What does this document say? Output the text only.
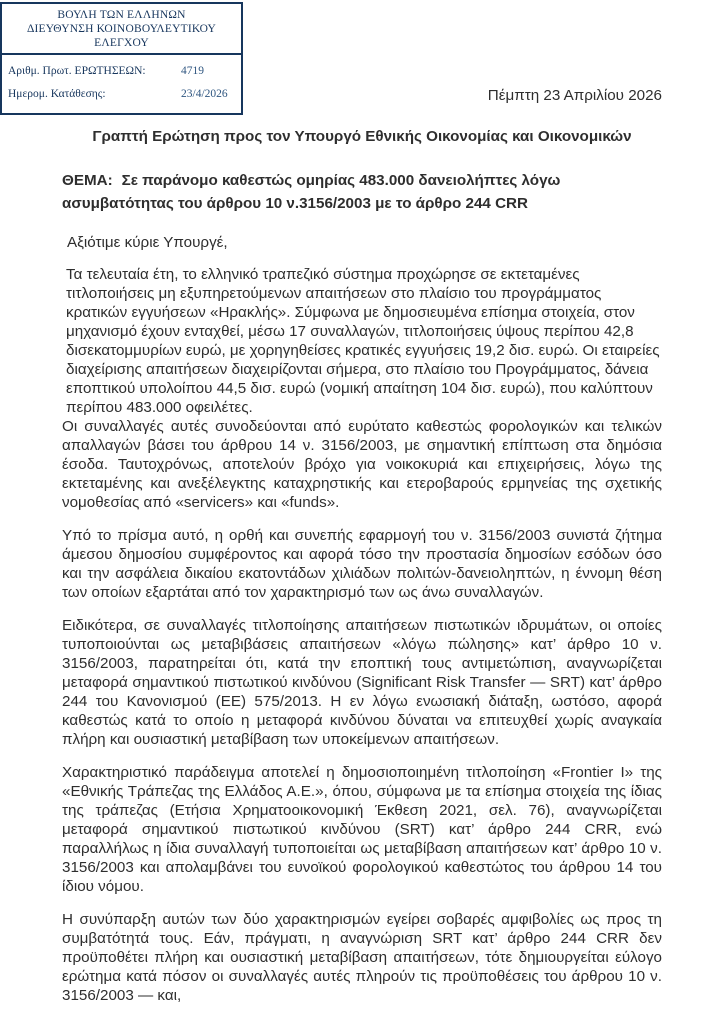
ΒΟΥΛΗ ΤΩΝ ΕΛΛΗΝΩΝ
ΔΙΕΥΘΥΝΣΗ ΚΟΙΝΟΒΟΥΛΕΥΤΙΚΟΥ ΕΛΕΓΧΟΥ
Αριθμ. Πρωτ. ΕΡΩΤΗΣΕΩΝ:	4719
Ημερομ. Κατάθεσης:	23/4/2026	Πέμπτη 23 Απριλίου 2026
Γραπτή Ερώτηση προς τον Υπουργό Εθνικής Οικονομίας και Οικονομικών
ΘΕΜΑ: Σε παράνομο καθεστώς ομηρίας 483.000 δανειολήπτες λόγω ασυμβατότητας του άρθρου 10 ν.3156/2003 με το άρθρο 244 CRR
Αξιότιμε κύριε Υπουργέ,

Τα τελευταία έτη, το ελληνικό τραπεζικό σύστημα προχώρησε σε εκτεταμένες τιτλοποιήσεις μη εξυπηρετούμενων απαιτήσεων στο πλαίσιο του προγράμματος κρατικών εγγυήσεων «Ηρακλής». Σύμφωνα με δημοσιευμένα επίσημα στοιχεία, στον μηχανισμό έχουν ενταχθεί, μέσω 17 συναλλαγών, τιτλοποιήσεις ύψους περίπου 42,8 δισεκατομμυρίων ευρώ, με χορηγηθείσες κρατικές εγγυήσεις 19,2 δισ. ευρώ. Οι εταιρείες διαχείρισης απαιτήσεων διαχειρίζονται σήμερα, στο πλαίσιο του Προγράμματος, δάνεια εποπτικού υπολοίπου 44,5 δισ. ευρώ (νομική απαίτηση 104 δισ. ευρώ), που καλύπτουν περίπου 483.000 οφειλέτες.

Οι συναλλαγές αυτές συνοδεύονται από ευρύτατο καθεστώς φορολογικών και τελικών απαλλαγών βάσει του άρθρου 14 ν. 3156/2003, με σημαντική επίπτωση στα δημόσια έσοδα. Ταυτοχρόνως, αποτελούν βρόχο για νοικοκυριά και επιχειρήσεις, λόγω της εκτεταμένης και ανεξέλεγκτης καταχρηστικής και ετεροβαρούς ερμηνείας της σχετικής νομοθεσίας από «servicers» και «funds».

Υπό το πρίσμα αυτό, η ορθή και συνεπής εφαρμογή του ν. 3156/2003 συνιστά ζήτημα άμεσου δημοσίου συμφέροντος και αφορά τόσο την προστασία δημοσίων εσόδων όσο και την ασφάλεια δικαίου εκατοντάδων χιλιάδων πολιτών-δανειοληπτών, η έννομη θέση των οποίων εξαρτάται από τον χαρακτηρισμό των ως άνω συναλλαγών.

Ειδικότερα, σε συναλλαγές τιτλοποίησης απαιτήσεων πιστωτικών ιδρυμάτων, οι οποίες τυποποιούνται ως μεταβιβάσεις απαιτήσεων «λόγω πώλησης» κατ’ άρθρο 10 ν. 3156/2003, παρατηρείται ότι, κατά την εποπτική τους αντιμετώπιση, αναγνωρίζεται μεταφορά σημαντικού πιστωτικού κινδύνου (Significant Risk Transfer — SRT) κατ’ άρθρο 244 του Κανονισμού (ΕΕ) 575/2013. Η εν λόγω ενωσιακή διάταξη, ωστόσο, αφορά καθεστώς κατά το οποίο η μεταφορά κινδύνου δύναται να επιτευχθεί χωρίς αναγκαία πλήρη και ουσιαστική μεταβίβαση των υποκείμενων απαιτήσεων.

Χαρακτηριστικό παράδειγμα αποτελεί η δημοσιοποιημένη τιτλοποίηση «Frontier I» της «Εθνικής Τράπεζας της Ελλάδος Α.Ε.», όπου, σύμφωνα με τα επίσημα στοιχεία της ίδιας της τράπεζας (Ετήσια Χρηματοοικονομική Έκθεση 2021, σελ. 76), αναγνωρίζεται μεταφορά σημαντικού πιστωτικού κινδύνου (SRT) κατ’ άρθρο 244 CRR, ενώ παραλλήλως η ίδια συναλλαγή τυποποιείται ως μεταβίβαση απαιτήσεων κατ’ άρθρο 10 ν. 3156/2003 και απολαμβάνει του ευνοϊκού φορολογικού καθεστώτος του άρθρου 14 του ίδιου νόμου.

Η συνύπαρξη αυτών των δύο χαρακτηρισμών εγείρει σοβαρές αμφιβολίες ως προς τη συμβατότητά τους. Εάν, πράγματι, η αναγνώριση SRT κατ’ άρθρο 244 CRR δεν προϋποθέτει πλήρη και ουσιαστική μεταβίβαση απαιτήσεων, τότε δημιουργείται εύλογο ερώτημα κατά πόσον οι συναλλαγές αυτές πληρούν τις προϋποθέσεις του άρθρου 10 ν. 3156/2003 — και,
